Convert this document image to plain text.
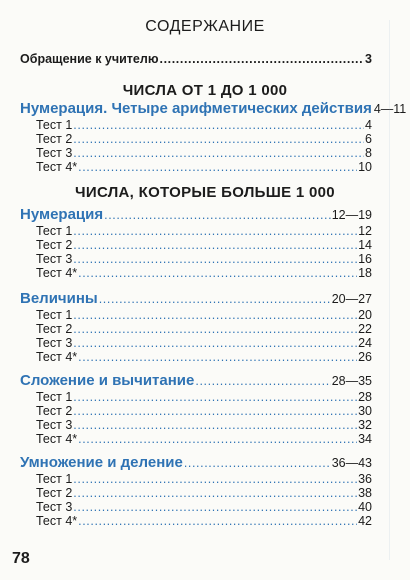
СОДЕРЖАНИЕ
Обращение к учителю .....	3
ЧИСЛА ОТ 1 ДО 1 000
Нумерация. Четыре арифметических действия 4—11
Тест 1 .....	4
Тест 2 .....	6
Тест 3 .....	8
Тест 4* .....	10
ЧИСЛА, КОТОРЫЕ БОЛЬШЕ 1 000
Нумерация .....	12—19
Тест 1 .....	12
Тест 2 .....	14
Тест 3 .....	16
Тест 4* .....	18
Величины .....	20—27
Тест 1 .....	20
Тест 2 .....	22
Тест 3 .....	24
Тест 4* .....	26
Сложение и вычитание .....	28—35
Тест 1 .....	28
Тест 2 .....	30
Тест 3 .....	32
Тест 4* .....	34
Умножение и деление .....	36—43
Тест 1 .....	36
Тест 2 .....	38
Тест 3 .....	40
Тест 4* .....	42
78
